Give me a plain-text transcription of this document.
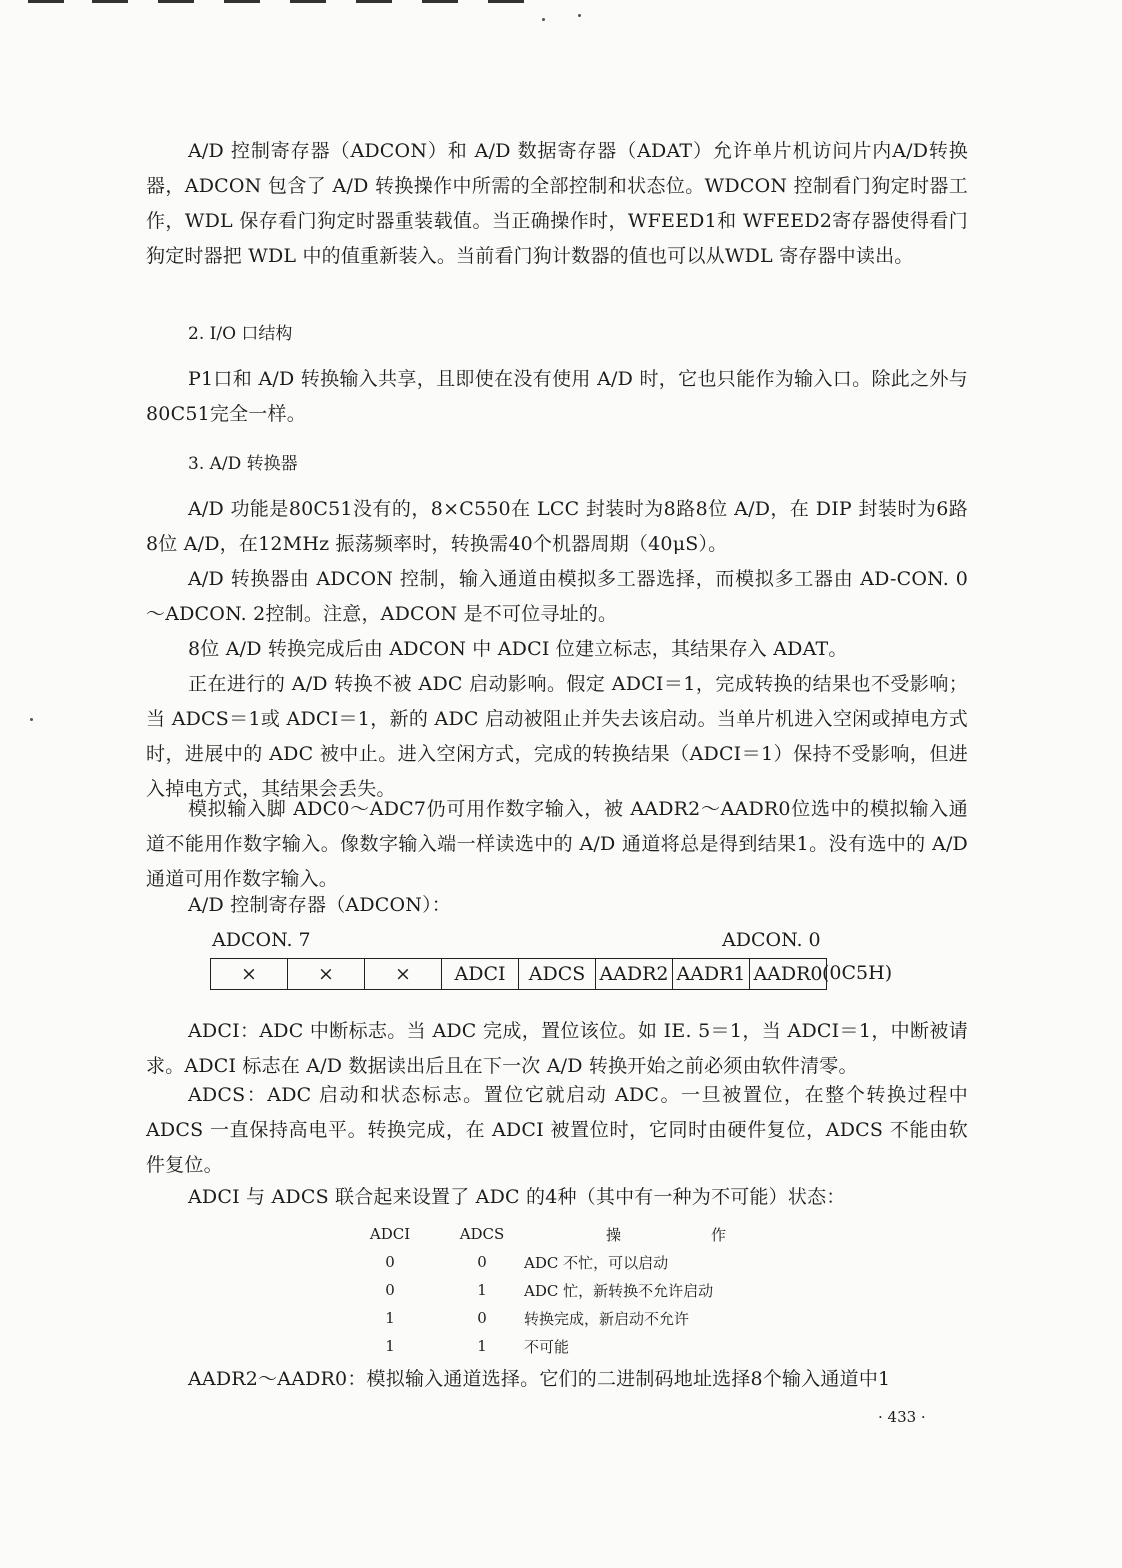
A/D 控制寄存器（ADCON）和 A/D 数据寄存器（ADAT）允许单片机访问片内A/D转换器，ADCON 包含了 A/D 转换操作中所需的全部控制和状态位。WDCON 控制看门狗定时器工作，WDL 保存看门狗定时器重装载值。当正确操作时，WFEED1和 WFEED2寄存器使得看门狗定时器把 WDL 中的值重新装入。当前看门狗计数器的值也可以从WDL 寄存器中读出。

2. I/O 口结构

P1口和 A/D 转换输入共享，且即使在没有使用 A/D 时，它也只能作为输入口。除此之外与80C51完全一样。

3. A/D 转换器

A/D 功能是80C51没有的，8×C550在 LCC 封装时为8路8位 A/D，在 DIP 封装时为6路8位 A/D，在12MHz 振荡频率时，转换需40个机器周期（40μS）。

A/D 转换器由 ADCON 控制，输入通道由模拟多工器选择，而模拟多工器由 AD-CON. 0～ADCON. 2控制。注意，ADCON 是不可位寻址的。

8位 A/D 转换完成后由 ADCON 中 ADCI 位建立标志，其结果存入 ADAT。

正在进行的 A/D 转换不被 ADC 启动影响。假定 ADCI＝1，完成转换的结果也不受影响；当 ADCS＝1或 ADCI＝1，新的 ADC 启动被阻止并失去该启动。当单片机进入空闲或掉电方式时，进展中的 ADC 被中止。进入空闲方式，完成的转换结果（ADCI＝1）保持不受影响，但进入掉电方式，其结果会丢失。

模拟输入脚 ADC0～ADC7仍可用作数字输入，被 AADR2～AADR0位选中的模拟输入通道不能用作数字输入。像数字输入端一样读选中的 A/D 通道将总是得到结果1。没有选中的 A/D 通道可用作数字输入。

A/D 控制寄存器（ADCON）：

ADCON. 7	ADCON. 0
×	×	×	ADCI	ADCS AADR2 AADR1 AADR0 (0C5H)

ADCI：ADC 中断标志。当 ADC 完成，置位该位。如 IE. 5＝1，当 ADCI＝1，中断被请求。ADCI 标志在 A/D 数据读出后且在下一次 A/D 转换开始之前必须由软件清零。

ADCS：ADC 启动和状态标志。置位它就启动 ADC。一旦被置位，在整个转换过程中ADCS 一直保持高电平。转换完成，在 ADCI 被置位时，它同时由硬件复位，ADCS 不能由软件复位。

ADCI 与 ADCS 联合起来设置了 ADC 的4种（其中有一种为不可能）状态：

ADCI	ADCS	操作
0	0	ADC 不忙，可以启动
0	1	ADC 忙，新转换不允许启动
1	0	转换完成，新启动不允许
1	1	不可能

AADR2～AADR0：模拟输入通道选择。它们的二进制码地址选择8个输入通道中1

· 433 ·
